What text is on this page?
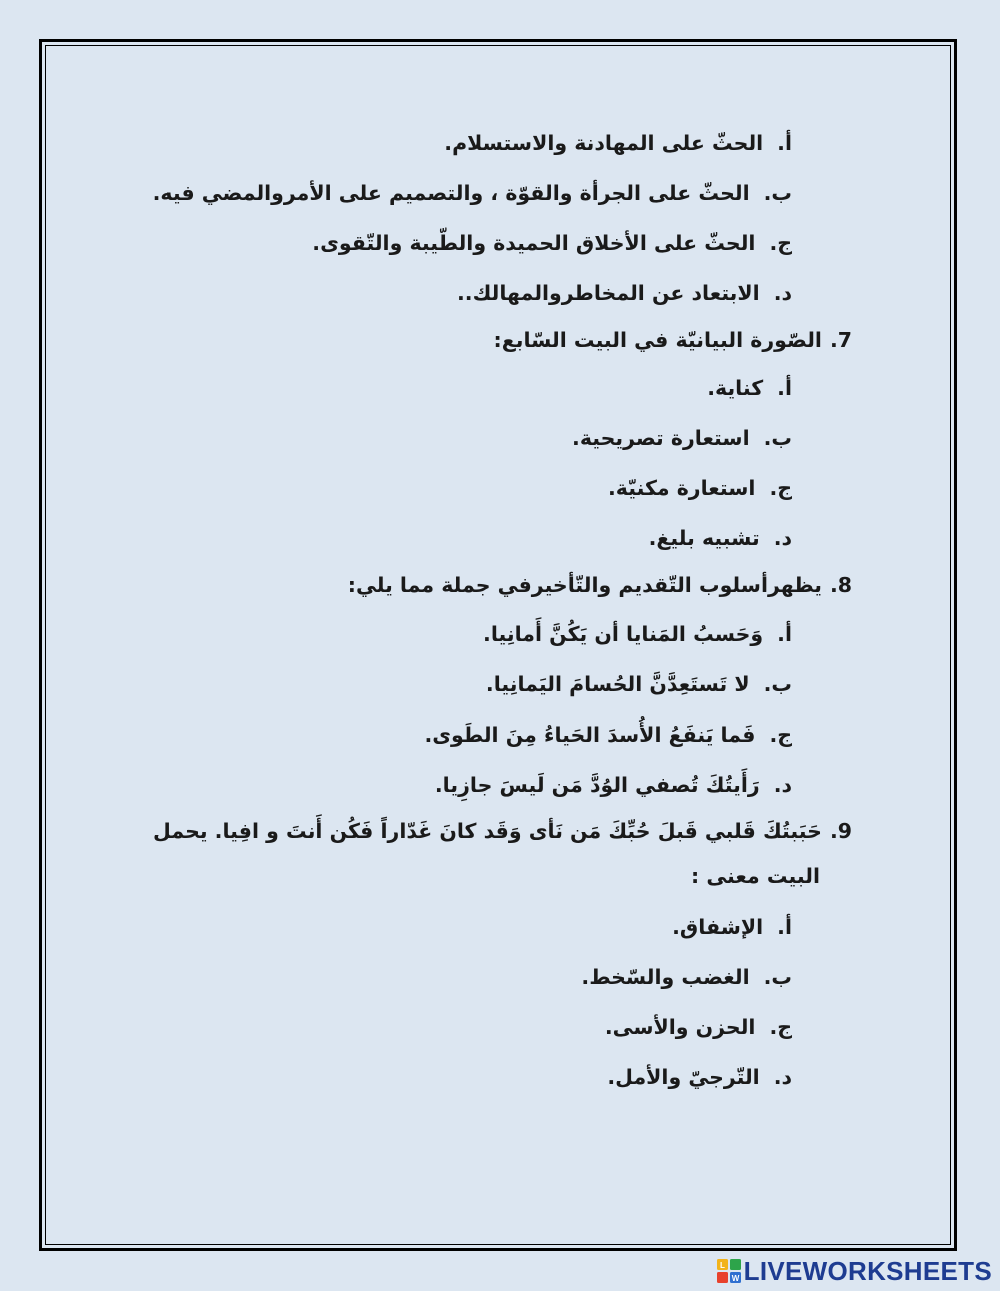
أ.الحثّ على المهادنة والاستسلام.
ب.الحثّ على الجرأة والقوّة ، والتصميم على الأمروالمضي فيه.
ج.الحثّ على الأخلاق الحميدة والطّيبة والتّقوى.
د.الابتعاد عن المخاطروالمهالك..
7.الصّورة البيانيّة في البيت السّابع:
أ.كناية.
ب.استعارة تصريحية.
ج.استعارة مكنيّة.
د.تشبيه بليغ.
8.يظهرأسلوب التّقديم والتّأخيرفي جملة مما يلي:
أ.وَحَسبُ المَنايا أن يَكُنَّ أَمانِيا.
ب.لا تَستَعِدَّنَّ الحُسامَ اليَمانِيا.
ج.فَما يَنفَعُ الأُسدَ الحَياءُ مِنَ الطَوى.
د.رَأَيتُكَ تُصفي الوُدَّ مَن لَيسَ جازِيا.
9.حَبَبتُكَ قَلبي قَبلَ حُبِّكَ مَن نَأى وَقَد كانَ غَدّاراً فَكُن أَنتَ و افِيا. يحمل
البيت معنى :
أ.الإشفاق.
ب.الغضب والسّخط.
ج.الحزن والأسى.
د.التّرجيّ والأمل.
L
W LIVEWORKSHEETS
